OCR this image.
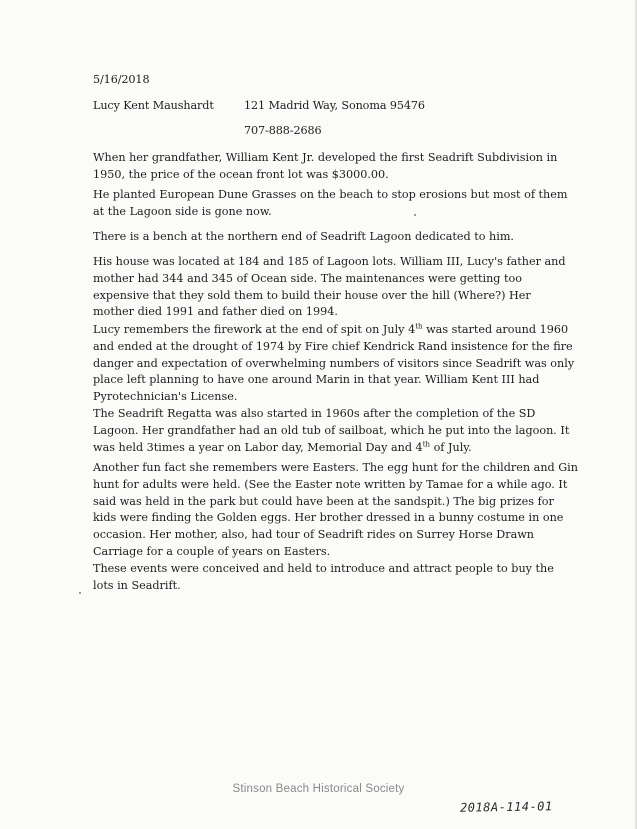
5/16/2018
Lucy Kent Maushardt	121 Madrid Way, Sonoma 95476
707-888-2686
When her grandfather, William Kent Jr. developed the first Seadrift Subdivision in
1950, the price of the ocean front lot was $3000.00.
He planted European Dune Grasses on the beach to stop erosions but most of them
at the Lagoon side is gone now.
There is a bench at the northern end of Seadrift Lagoon dedicated to him.
His house was located at 184 and 185 of Lagoon lots. William III, Lucy's father and
mother had 344 and 345 of Ocean side. The maintenances were getting too
expensive that they sold them to build their house over the hill (Where?) Her
mother died 1991 and father died on 1994.
Lucy remembers the firework at the end of spit on July 4th was started around 1960
and ended at the drought of 1974 by Fire chief Kendrick Rand insistence for the fire
danger and expectation of overwhelming numbers of visitors since Seadrift was only
place left planning to have one around Marin in that year. William Kent III had
Pyrotechnician's License.
The Seadrift Regatta was also started in 1960s after the completion of the SD
Lagoon. Her grandfather had an old tub of sailboat, which he put into the lagoon. It
was held 3times a year on Labor day, Memorial Day and 4th of July.
Another fun fact she remembers were Easters. The egg hunt for the children and Gin
hunt for adults were held. (See the Easter note written by Tamae for a while ago. It
said was held in the park but could have been at the sandspit.) The big prizes for
kids were finding the Golden eggs. Her brother dressed in a bunny costume in one
occasion. Her mother, also, had tour of Seadrift rides on Surrey Horse Drawn
Carriage for a couple of years on Easters.
These events were conceived and held to introduce and attract people to buy the
lots in Seadrift.
Stinson Beach Historical Society
2018A-114-01
